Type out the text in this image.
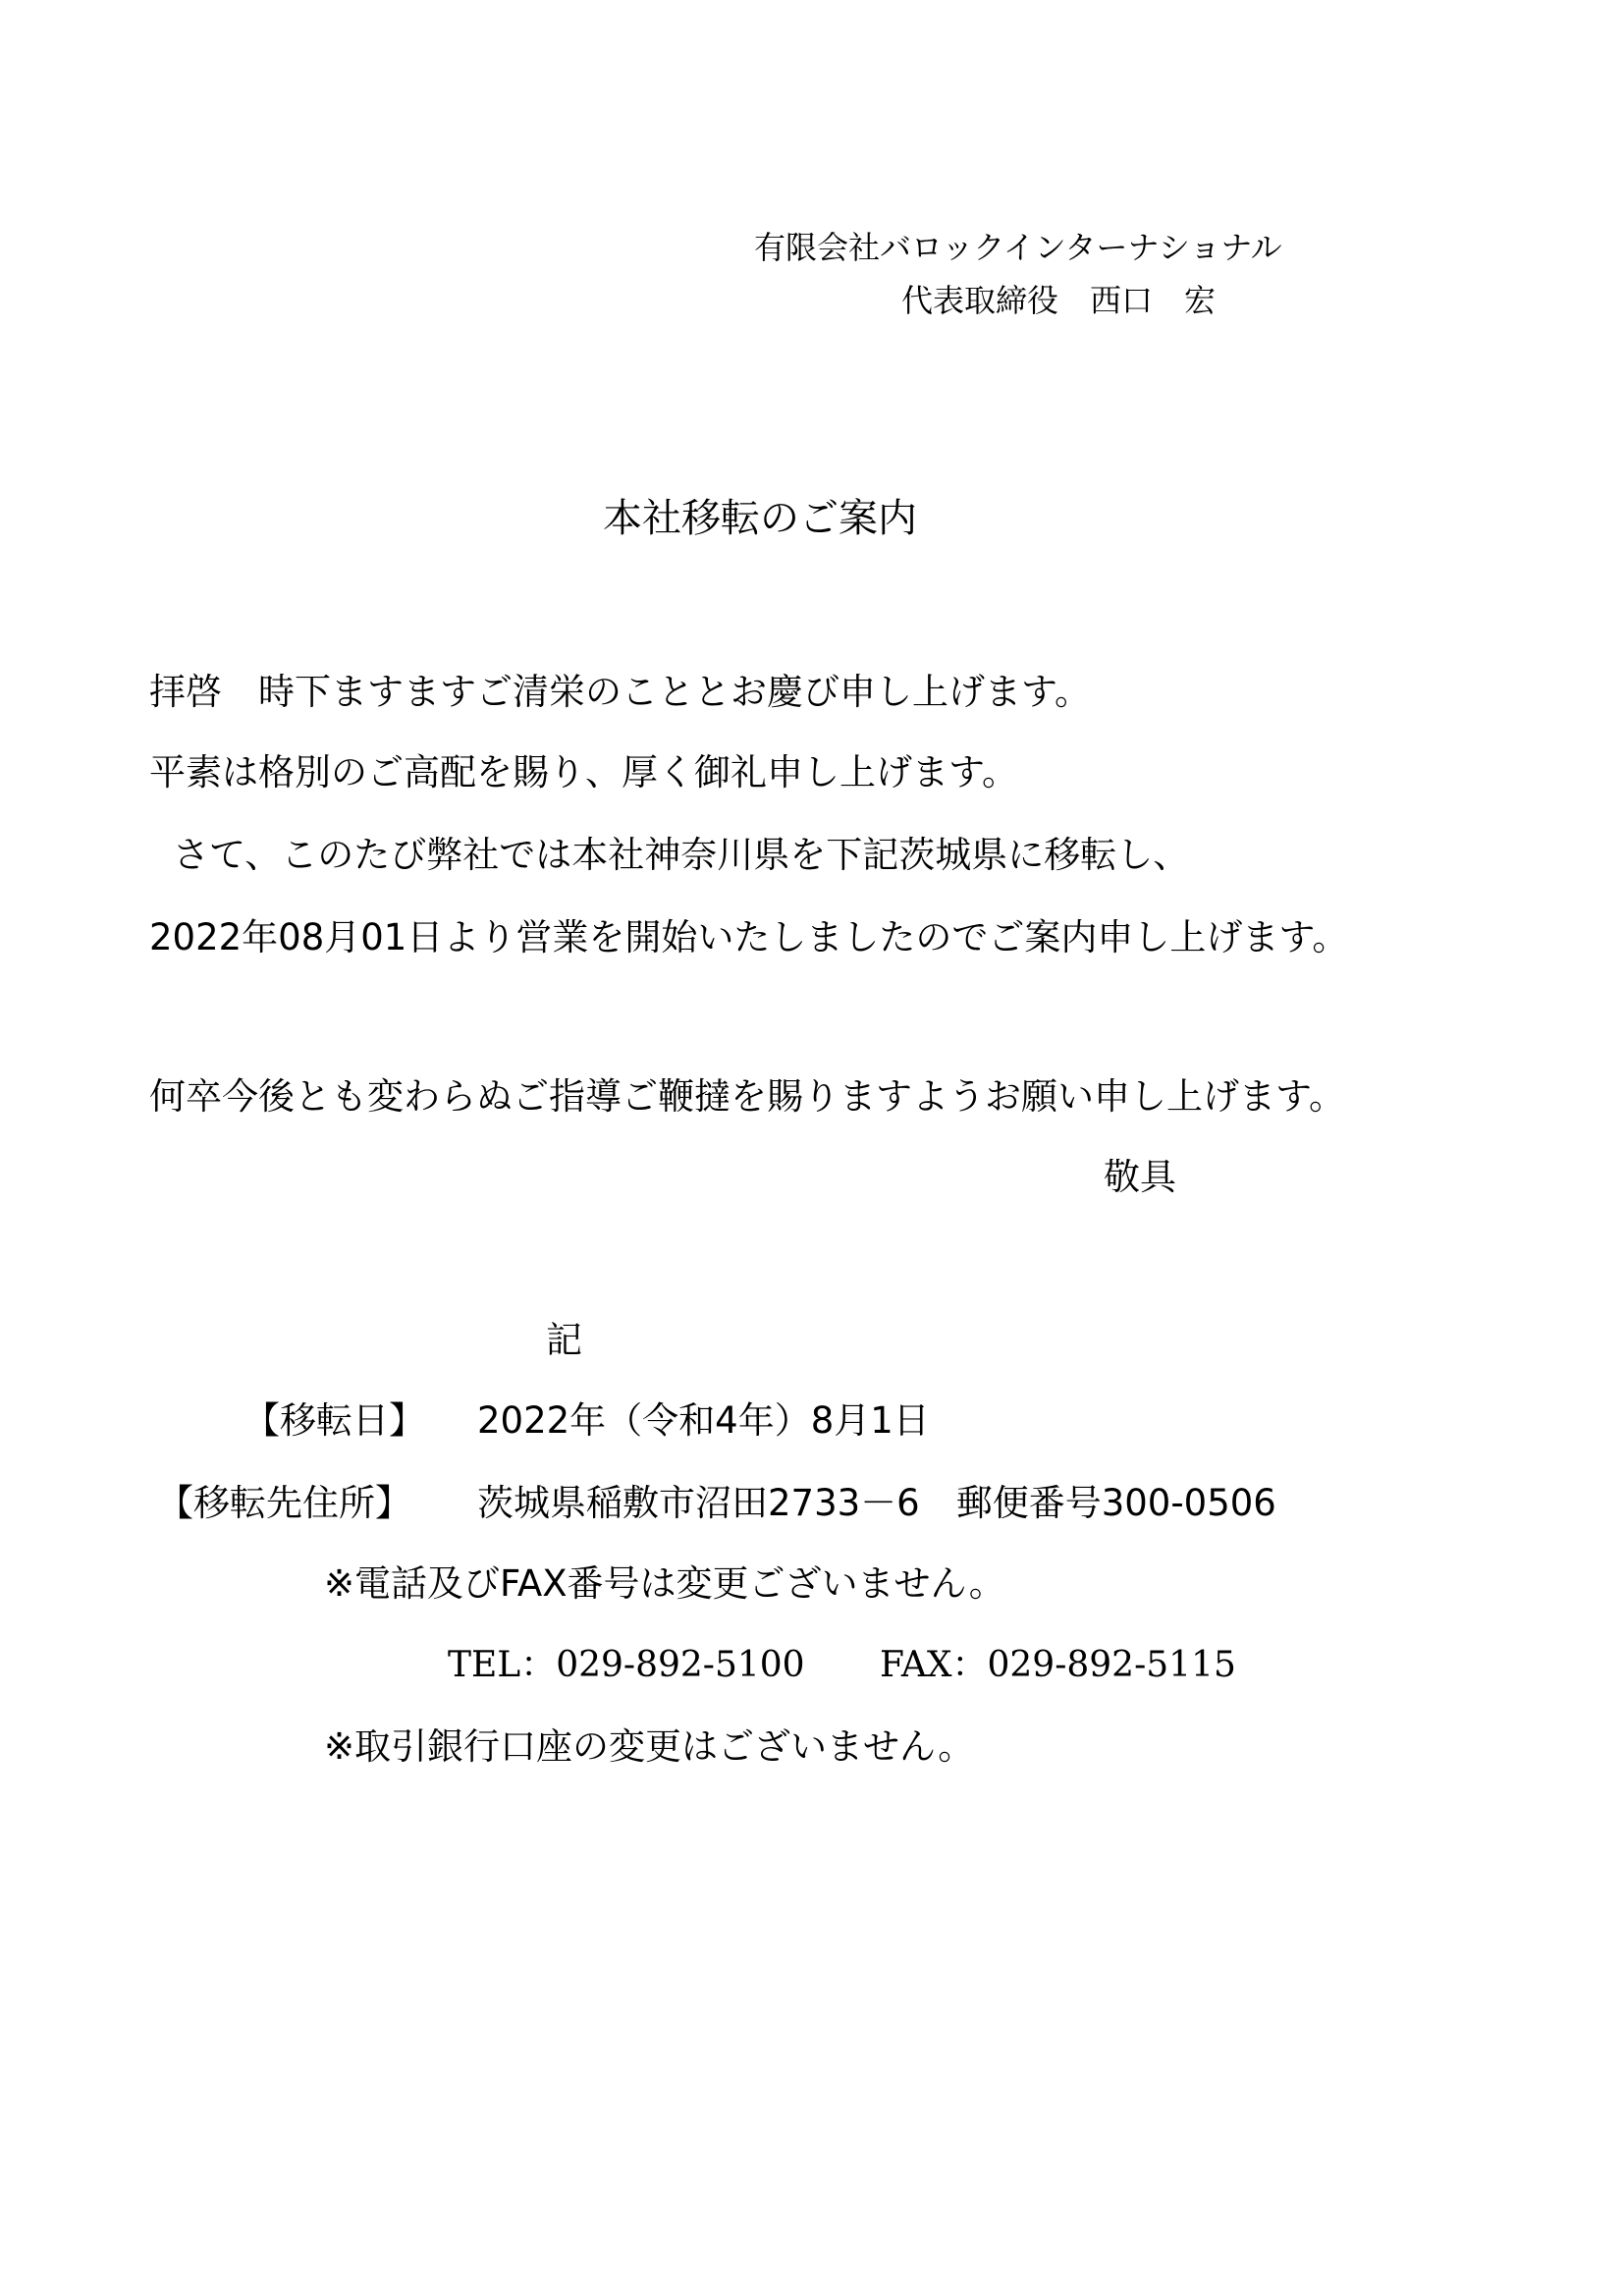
有限会社バロックインターナショナル
代表取締役　西口　宏
本社移転のご案内
拝啓　時下ますますご清栄のこととお慶び申し上げます。
平素は格別のご高配を賜り、厚く御礼申し上げます。
さて、このたび弊社では本社神奈川県を下記茨城県に移転し、
2022年08月01日より営業を開始いたしましたのでご案内申し上げます。
何卒今後とも変わらぬご指導ご鞭撻を賜りますようお願い申し上げます。
敬具
記
【移転日】 2022年（令和4年）8月1日
【移転先住所】 茨城県稲敷市沼田2733－6　郵便番号300-0506
※電話及びFAX番号は変更ございません。
TEL：029-892-5100 FAX：029-892-5115
※取引銀行口座の変更はございません。
